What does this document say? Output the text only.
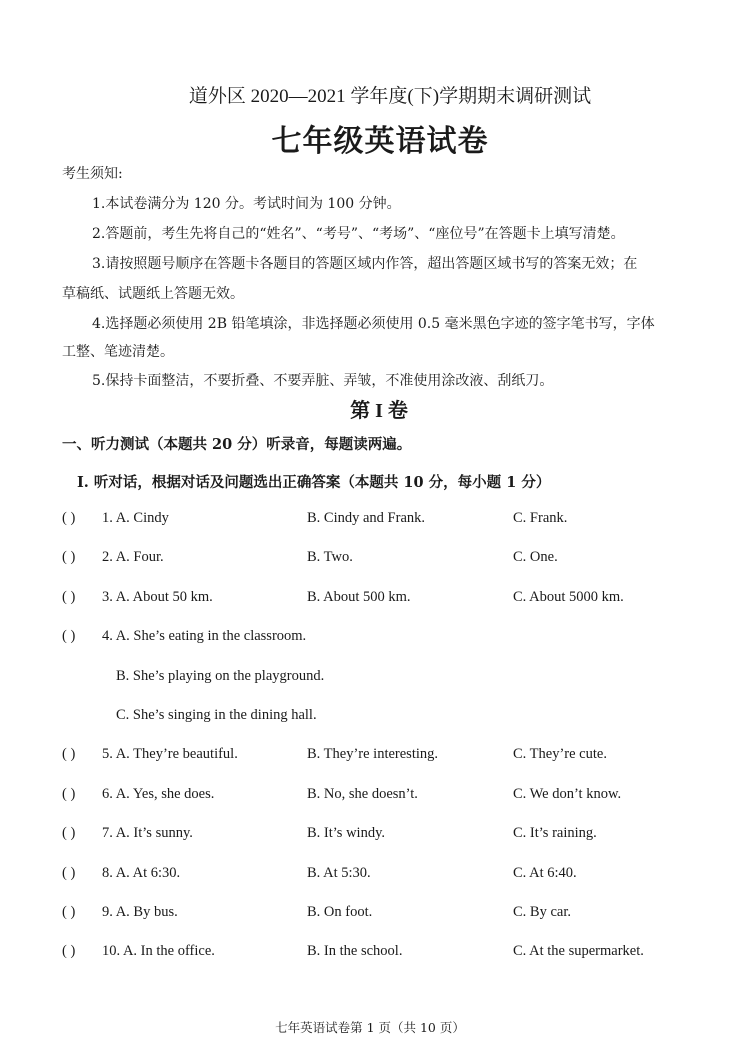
道外区 2020—2021 学年度(下)学期期末调研测试
七年级英语试卷
考生须知:
1.本试卷满分为 120 分。考试时间为 100 分钟。
2.答题前，考生先将自己的“姓名”、“考号”、“考场”、“座位号”在答题卡上填写清楚。
3.请按照题号顺序在答题卡各题目的答题区域内作答，超出答题区域书写的答案无效；在
草稿纸、试题纸上答题无效。
4.选择题必须使用 2B 铅笔填涂，非选择题必须使用 0.5 毫米黑色字迹的签字笔书写，字体
工整、笔迹清楚。
5.保持卡面整洁，不要折叠、不要弄脏、弄皱，不准使用涂改液、刮纸刀。
第 I 卷
一、听力测试（本题共 20 分）听录音，每题读两遍。
I. 听对话，根据对话及问题选出正确答案（本题共 10 分，每小题 1 分）
( ) 1. A. Cindy	B. Cindy and Frank.	C. Frank.
( ) 2. A. Four.	B. Two.	C. One.
( ) 3. A. About 50 km.	B. About 500 km.	C. About 5000 km.
( ) 4. A. She’s eating in the classroom.
B. She’s playing on the playground.
C. She’s singing in the dining hall.
( ) 5. A. They’re beautiful.	B. They’re interesting.	C. They’re cute.
( ) 6. A. Yes, she does.	B. No, she doesn’t.	C. We don’t know.
( ) 7. A. It’s sunny.	B. It’s windy.	C. It’s raining.
( ) 8. A. At 6:30.	B. At 5:30.	C. At 6:40.
( ) 9. A. By bus.	B. On foot.	C. By car.
( ) 10. A. In the office.	B. In the school.	C. At the supermarket.
七年英语试卷第 1 页（共 10 页）
